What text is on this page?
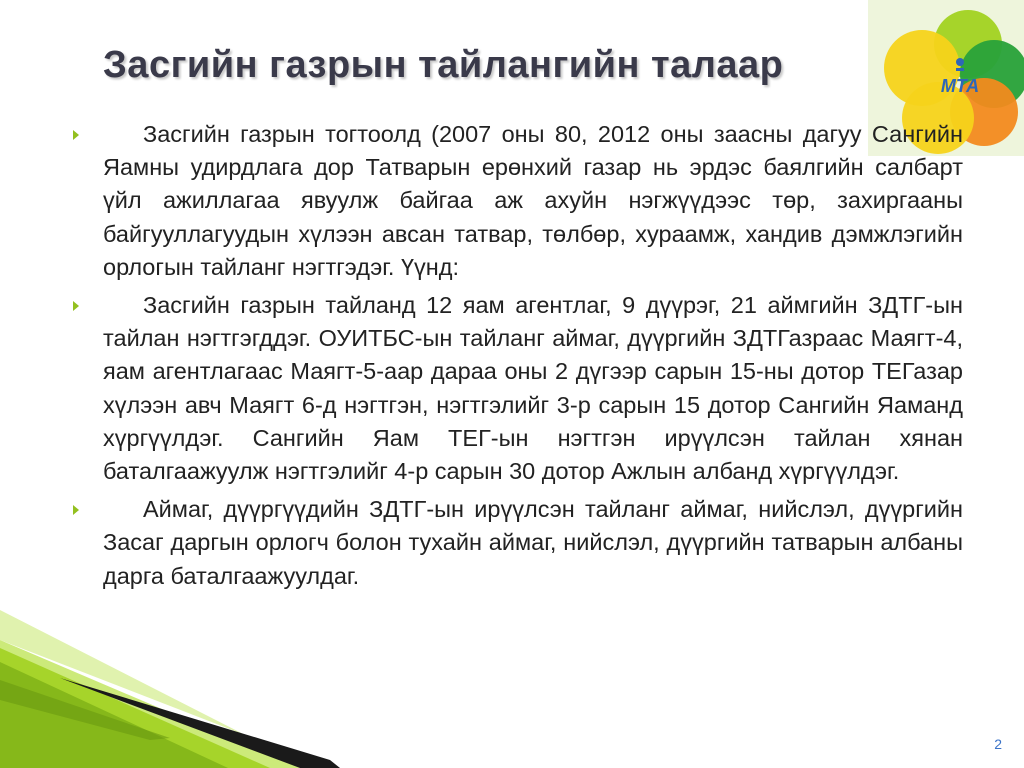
МТА
Засгийн газрын тайлангийн талаар
Засгийн газрын тогтоолд (2007 оны 80, 2012 оны заасны дагуу Сангийн Яамны удирдлага дор Татварын ерөнхий газар нь эрдэс баялгийн салбарт үйл ажиллагаа явуулж байгаа аж ахуйн нэгжүүдээс төр, захиргааны байгууллагуудын хүлээн авсан татвар, төлбөр, хураамж, хандив дэмжлэгийн орлогын тайланг нэгтгэдэг. Үүнд:
Засгийн газрын тайланд 12 яам агентлаг, 9 дүүрэг, 21 аймгийн ЗДТГ-ын тайлан нэгтгэгддэг. ОУИТБС-ын тайланг аймаг, дүүргийн ЗДТГазраас Маягт-4, яам агентлагаас Маягт-5-аар дараа оны 2 дүгээр сарын 15-ны дотор ТЕГазар хүлээн авч Маягт 6-д нэгтгэн, нэгтгэлийг 3-р сарын 15 дотор Сангийн Яаманд хүргүүлдэг. Сангийн Яам ТЕГ-ын нэгтгэн ирүүлсэн тайлан хянан баталгаажуулж нэгтгэлийг 4-р сарын 30 дотор Ажлын албанд хүргүүлдэг.
Аймаг, дүүргүүдийн ЗДТГ-ын ирүүлсэн тайланг аймаг, нийслэл, дүүргийн Засаг даргын орлогч болон тухайн аймаг, нийслэл, дүүргийн татварын албаны дарга баталгаажуулдаг.
2
